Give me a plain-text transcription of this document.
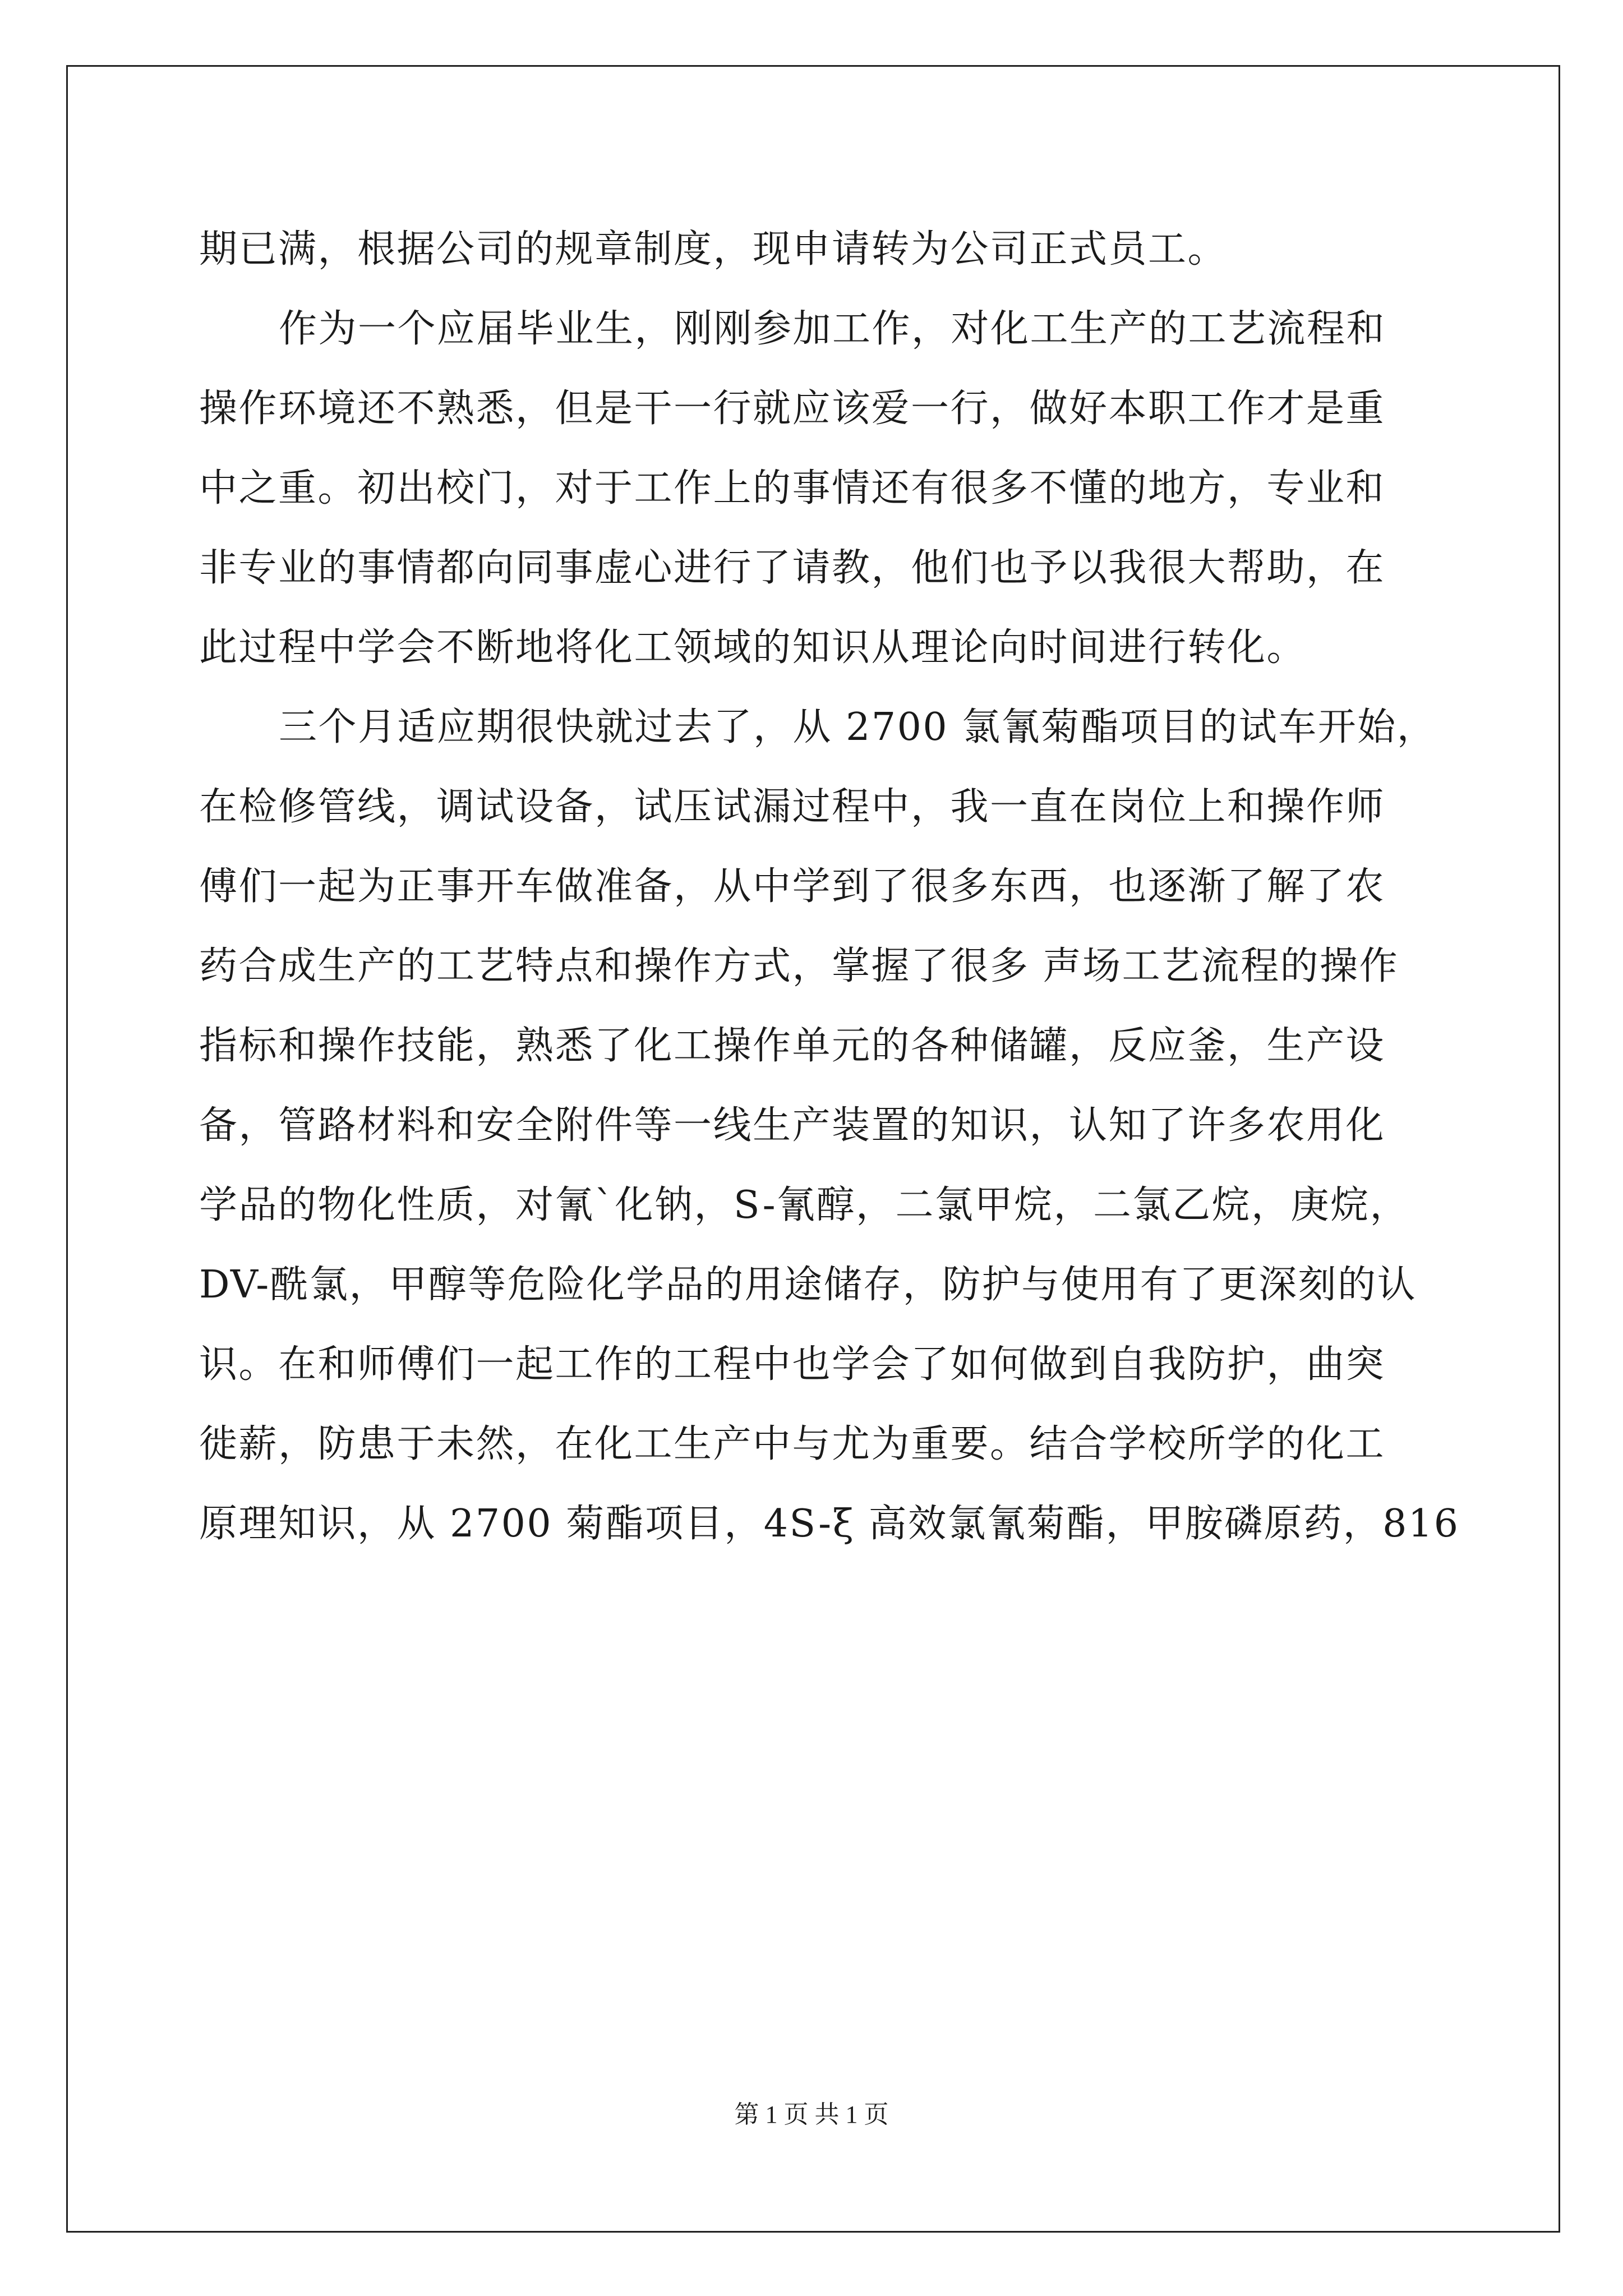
期已满，根据公司的规章制度，现申请转为公司正式员工。
作为一个应届毕业生，刚刚参加工作，对化工生产的工艺流程和
操作环境还不熟悉，但是干一行就应该爱一行，做好本职工作才是重
中之重。初出校门，对于工作上的事情还有很多不懂的地方，专业和
非专业的事情都向同事虚心进行了请教，他们也予以我很大帮助，在
此过程中学会不断地将化工领域的知识从理论向时间进行转化。
三个月适应期很快就过去了，从 2700 氯氰菊酯项目的试车开始，
在检修管线，调试设备，试压试漏过程中，我一直在岗位上和操作师
傅们一起为正事开车做准备，从中学到了很多东西，也逐渐了解了农
药合成生产的工艺特点和操作方式，掌握了很多 声场工艺流程的操作
指标和操作技能，熟悉了化工操作单元的各种储罐，反应釜，生产设
备，管路材料和安全附件等一线生产装置的知识，认知了许多农用化
学品的物化性质，对氰`化钠，S-氰醇，二氯甲烷，二氯乙烷，庚烷，
DV-酰氯，甲醇等危险化学品的用途储存，防护与使用有了更深刻的认
识。在和师傅们一起工作的工程中也学会了如何做到自我防护，曲突
徙薪，防患于未然，在化工生产中与尤为重要。结合学校所学的化工
原理知识，从 2700 菊酯项目，4S-ξ 高效氯氰菊酯，甲胺磷原药，816
第 1 页 共 1 页
